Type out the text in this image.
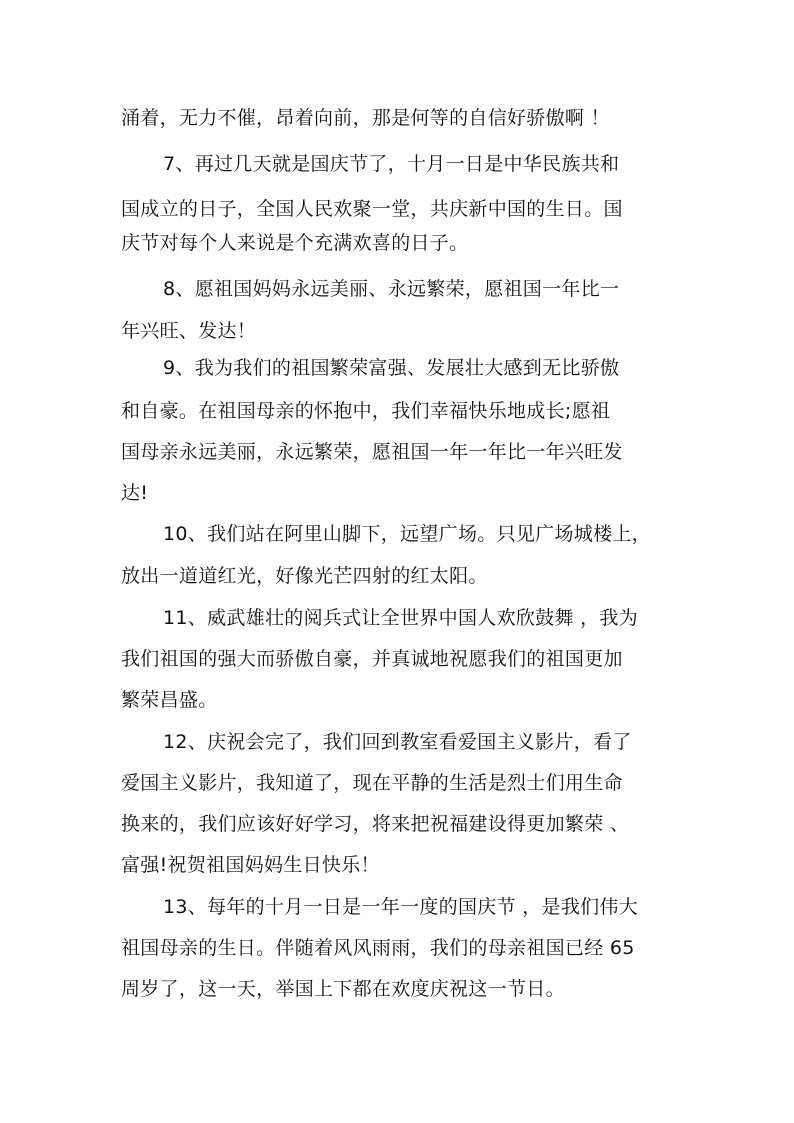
涌着，无力不催，昂着向前，那是何等的自信好骄傲啊 ！
7、再过几天就是国庆节了，十月一日是中华民族共和
国成立的日子，全国人民欢聚一堂，共庆新中国的生日。国
庆节对每个人来说是个充满欢喜的日子。
8、愿祖国妈妈永远美丽、永远繁荣，愿祖国一年比一
年兴旺、发达！
9、我为我们的祖国繁荣富强、发展壮大感到无比骄傲
和自豪。在祖国母亲的怀抱中，我们幸福快乐地成长;愿祖
国母亲永远美丽，永远繁荣，愿祖国一年一年比一年兴旺发
达!
10、我们站在阿里山脚下，远望广场。只见广场城楼上，
放出一道道红光，好像光芒四射的红太阳。
11、威武雄壮的阅兵式让全世界中国人欢欣鼓舞 ，我为
我们祖国的强大而骄傲自豪，并真诚地祝愿我们的祖国更加
繁荣昌盛。
12、庆祝会完了，我们回到教室看爱国主义影片，看了
爱国主义影片，我知道了，现在平静的生活是烈士们用生命
换来的，我们应该好好学习，将来把祝福建设得更加繁荣 、
富强!祝贺祖国妈妈生日快乐！
13、每年的十月一日是一年一度的国庆节 ，是我们伟大
祖国母亲的生日。伴随着风风雨雨，我们的母亲祖国已经 65
周岁了，这一天，举国上下都在欢度庆祝这一节日。
